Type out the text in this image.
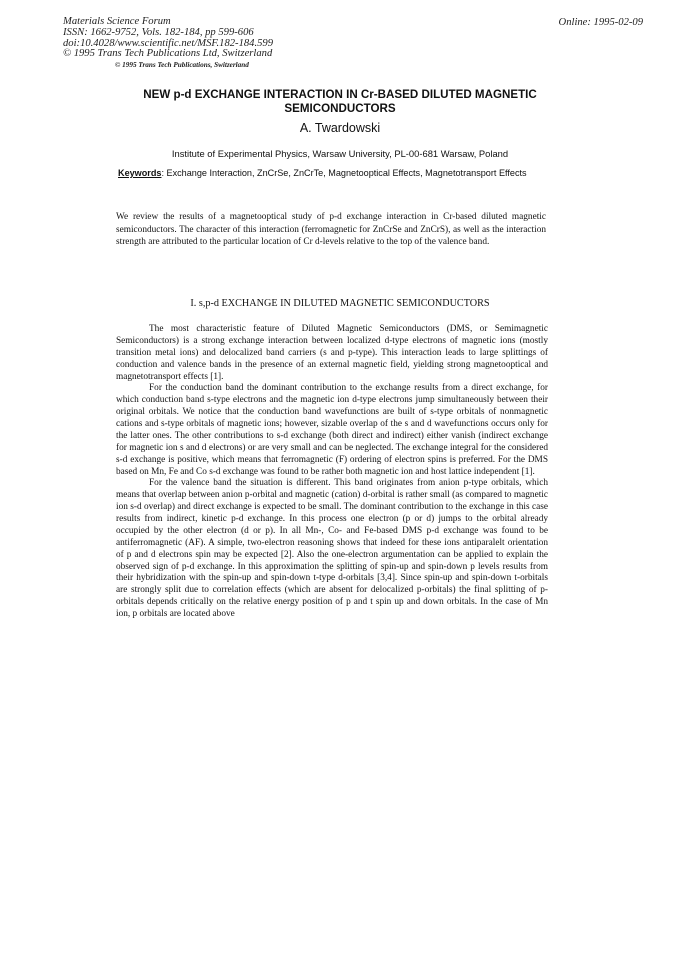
Materials Science Forum
ISSN: 1662-9752, Vols. 182-184, pp 599-606
doi:10.4028/www.scientific.net/MSF.182-184.599
© 1995 Trans Tech Publications Ltd, Switzerland
© 1995 Trans Tech Publications, Switzerland
Online: 1995-02-09
NEW p-d EXCHANGE INTERACTION IN Cr-BASED DILUTED MAGNETIC
SEMICONDUCTORS
A. Twardowski
Institute of Experimental Physics, Warsaw University, PL-00-681 Warsaw, Poland
Keywords: Exchange Interaction, ZnCrSe, ZnCrTe, Magnetooptical Effects, Magnetotransport Effects
We review the results of a magnetooptical study of p-d exchange interaction in Cr-based diluted magnetic semiconductors. The character of this interaction (ferromagnetic for ZnCrSe and ZnCrS), as well as the interaction strength are attributed to the particular location of Cr d-levels relative to the top of the valence band.
I. s,p-d EXCHANGE IN DILUTED MAGNETIC SEMICONDUCTORS

The most characteristic feature of Diluted Magnetic Semiconductors (DMS, or Semimagnetic Semiconductors) is a strong exchange interaction between localized d-type electrons of magnetic ions (mostly transition metal ions) and delocalized band carriers (s and p-type). This interaction leads to large splittings of conduction and valence bands in the presence of an external magnetic field, yielding strong magnetooptical and magnetotransport effects [1].

For the conduction band the dominant contribution to the exchange results from a direct exchange, for which conduction band s-type electrons and the magnetic ion d-type electrons jump simultaneously between their original orbitals. We notice that the conduction band wavefunctions are built of s-type orbitals of nonmagnetic cations and s-type orbitals of magnetic ions; however, sizable overlap of the s and d wavefunctions occurs only for the latter ones. The other contributions to s-d exchange (both direct and indirect) either vanish (indirect exchange for magnetic ion s and d electrons) or are very small and can be neglected. The exchange integral for the considered s-d exchange is positive, which means that ferromagnetic (F) ordering of electron spins is preferred. For the DMS based on Mn, Fe and Co s-d exchange was found to be rather both magnetic ion and host lattice independent [1].

For the valence band the situation is different. This band originates from anion p-type orbitals, which means that overlap between anion p-orbital and magnetic (cation) d-orbital is rather small (as compared to magnetic ion s-d overlap) and direct exchange is expected to be small. The dominant contribution to the exchange in this case results from indirect, kinetic p-d exchange. In this process one electron (p or d) jumps to the orbital already occupied by the other electron (d or p). In all Mn-, Co- and Fe-based DMS p-d exchange was found to be antiferromagnetic (AF). A simple, two-electron reasoning shows that indeed for these ions antiparalelt orientation of p and d electrons spin may be expected [2]. Also the one-electron argumentation can be applied to explain the observed sign of p-d exchange. In this approximation the splitting of spin-up and spin-down p levels results from their hybridization with the spin-up and spin-down t-type d-orbitals [3,4]. Since spin-up and spin-down t-orbitals are strongly split due to correlation effects (which are absent for delocalized p-orbitals) the final splitting of p-orbitals depends critically on the relative energy position of p and t spin up and down orbitals. In the case of Mn ion, p orbitals are located above
